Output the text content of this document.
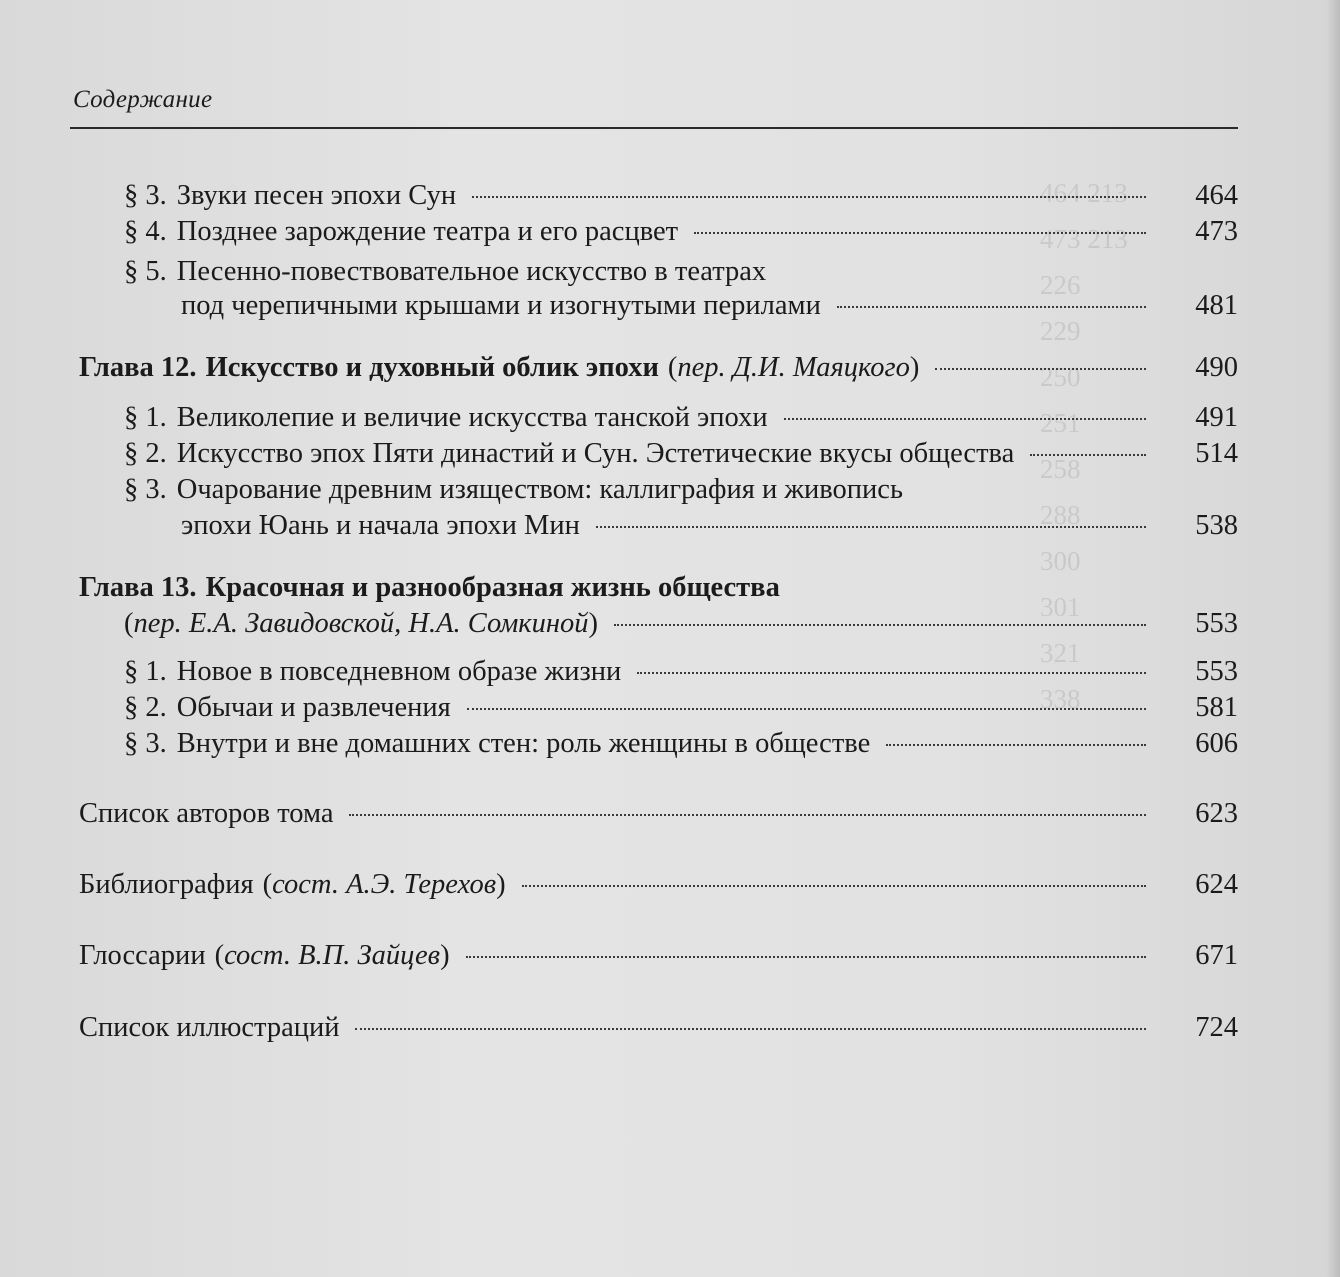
464 213
473 213
226
229
250
251
258
288
300
301
321
338
Содержание
§ 3. Звуки песен эпохи Сун	464
§ 4. Позднее зарождение театра и его расцвет	473
§ 5. Песенно-повествовательное искусство в театрах
под черепичными крышами и изогнутыми перилами	481
Глава 12. Искусство и духовный облик эпохи (пер. Д.И. Маяцкого)	490
§ 1. Великолепие и величие искусства танской эпохи	491
§ 2. Искусство эпох Пяти династий и Сун. Эстетические вкусы общества	514
§ 3. Очарование древним изяществом: каллиграфия и живопись
эпохи Юань и начала эпохи Мин	538
Глава 13. Красочная и разнообразная жизнь общества
(пер. Е.А. Завидовской, Н.А. Сомкиной)	553
§ 1. Новое в повседневном образе жизни	553
§ 2. Обычаи и развлечения	581
§ 3. Внутри и вне домашних стен: роль женщины в обществе	606
Список авторов тома	623
Библиография (сост. А.Э. Терехов)	624
Глоссарии (сост. В.П. Зайцев)	671
Список иллюстраций	724
